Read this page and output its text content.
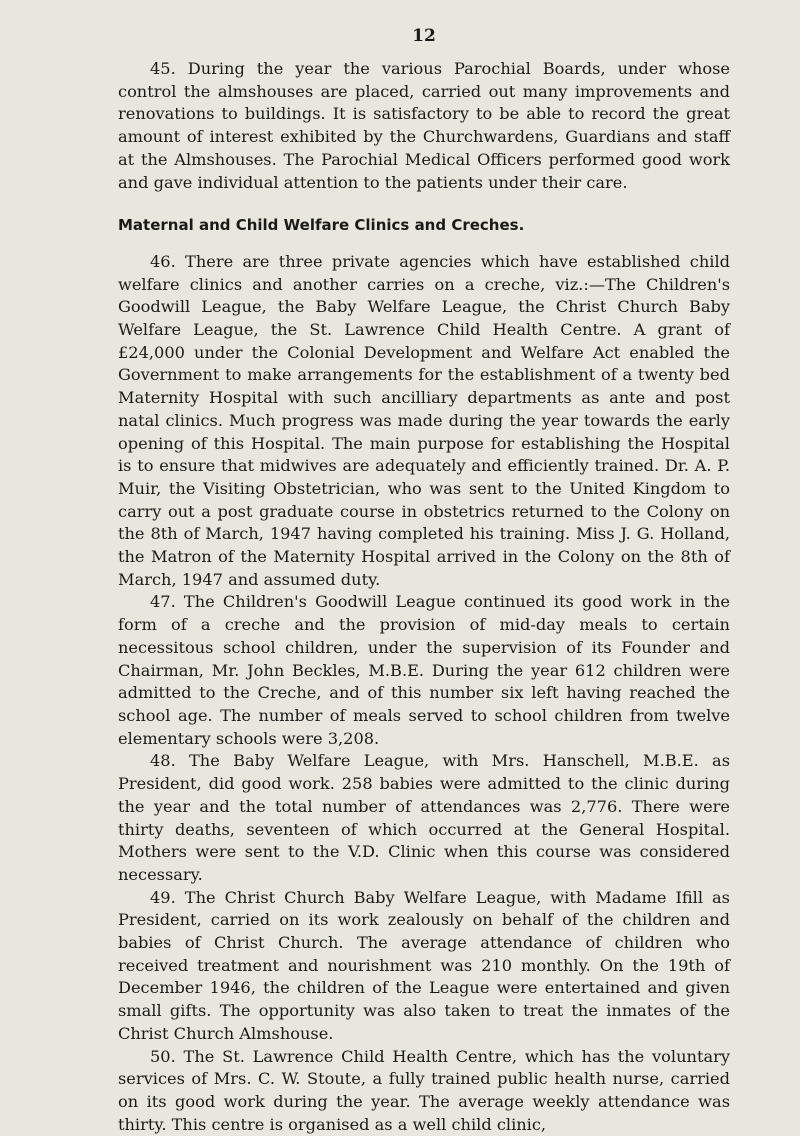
12

45. During the year the various Parochial Boards, under whose control the almshouses are placed, carried out many improvements and renovations to buildings. It is satisfactory to be able to record the great amount of interest exhibited by the Churchwardens, Guardians and staff at the Almshouses. The Parochial Medical Officers performed good work and gave individual attention to the patients under their care.

Maternal and Child Welfare Clinics and Creches.

46. There are three private agencies which have established child welfare clinics and another carries on a creche, viz.:—The Children's Goodwill League, the Baby Welfare League, the Christ Church Baby Welfare League, the St. Lawrence Child Health Centre. A grant of £24,000 under the Colonial Development and Welfare Act enabled the Government to make arrangements for the establishment of a twenty bed Maternity Hospital with such ancilliary departments as ante and post natal clinics. Much progress was made during the year towards the early opening of this Hospital. The main purpose for establishing the Hospital is to ensure that midwives are adequately and efficiently trained. Dr. A. P. Muir, the Visiting Obstetrician, who was sent to the United Kingdom to carry out a post graduate course in obstetrics returned to the Colony on the 8th of March, 1947 having completed his training. Miss J. G. Holland, the Matron of the Maternity Hospital arrived in the Colony on the 8th of March, 1947 and assumed duty.

47. The Children's Goodwill League continued its good work in the form of a creche and the provision of mid-day meals to certain necessitous school children, under the supervision of its Founder and Chairman, Mr. John Beckles, M.B.E. During the year 612 children were admitted to the Creche, and of this number six left having reached the school age. The number of meals served to school children from twelve elementary schools were 3,208.

48. The Baby Welfare League, with Mrs. Hanschell, M.B.E. as President, did good work. 258 babies were admitted to the clinic during the year and the total number of attendances was 2,776. There were thirty deaths, seventeen of which occurred at the General Hospital. Mothers were sent to the V.D. Clinic when this course was considered necessary.

49. The Christ Church Baby Welfare League, with Madame Ifill as President, carried on its work zealously on behalf of the children and babies of Christ Church. The average attendance of children who received treatment and nourishment was 210 monthly. On the 19th of December 1946, the children of the League were entertained and given small gifts. The opportunity was also taken to treat the inmates of the Christ Church Almshouse.

50. The St. Lawrence Child Health Centre, which has the voluntary services of Mrs. C. W. Stoute, a fully trained public health nurse, carried on its good work during the year. The average weekly attendance was thirty. This centre is organised as a well child clinic,
